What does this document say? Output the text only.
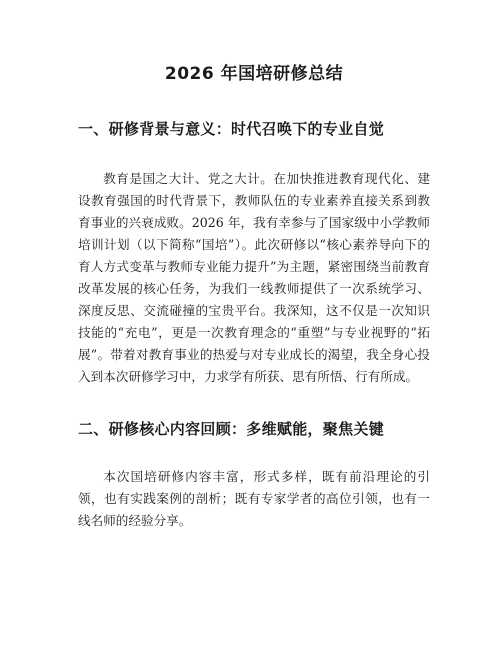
2026 年国培研修总结
一、研修背景与意义：时代召唤下的专业自觉

教育是国之大计、党之大计。在加快推进教育现代化、建设教育强国的时代背景下，教师队伍的专业素养直接关系到教育事业的兴衰成败。2026 年，我有幸参与了国家级中小学教师培训计划（以下简称“国培”）。此次研修以“核心素养导向下的育人方式变革与教师专业能力提升”为主题，紧密围绕当前教育改革发展的核心任务，为我们一线教师提供了一次系统学习、深度反思、交流碰撞的宝贵平台。我深知，这不仅是一次知识技能的“充电”，更是一次教育理念的“重塑”与专业视野的“拓展”。带着对教育事业的热爱与对专业成长的渴望，我全身心投入到本次研修学习中，力求学有所获、思有所悟、行有所成。

二、研修核心内容回顾：多维赋能，聚焦关键

本次国培研修内容丰富，形式多样，既有前沿理论的引领，也有实践案例的剖析；既有专家学者的高位引领，也有一线名师的经验分享。
